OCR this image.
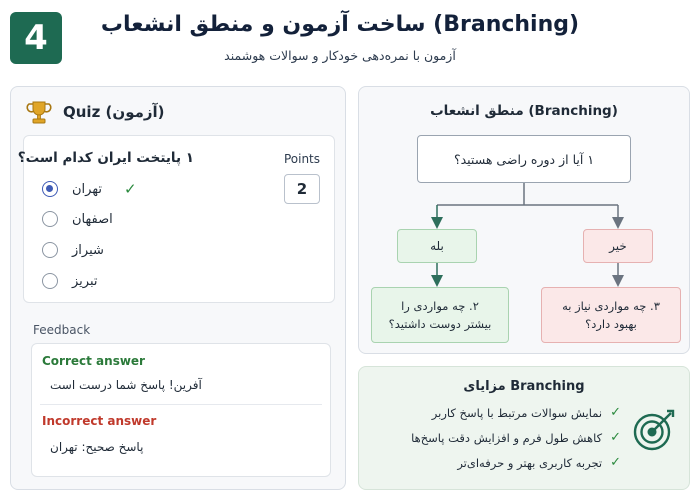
4	ساخت آزمون و منطق انشعاب (Branching)
آزمون با نمره‌دهی خودکار و سوالات هوشمند
Quiz (آزمون)
۱ پایتخت ایران کدام است؟	Points
2
تهران ✓
اصفهان
شیراز
تبریز
Feedback
Correct answer
آفرین! پاسخ شما درست است
Incorrect answer
پاسخ صحیح: تهران
منطق انشعاب (Branching)
۱ آیا از دوره راضی هستید؟
بله	خیر
۲. چه مواردی را
بیشتر دوست داشتید؟
۳. چه مواردی نیاز به
بهبود دارد؟
مزایای Branching
✓
نمایش سوالات مرتبط با پاسخ کاربر
✓
کاهش طول فرم و افزایش دقت پاسخ‌ها
✓
تجربه کاربری بهتر و حرفه‌ای‌تر
